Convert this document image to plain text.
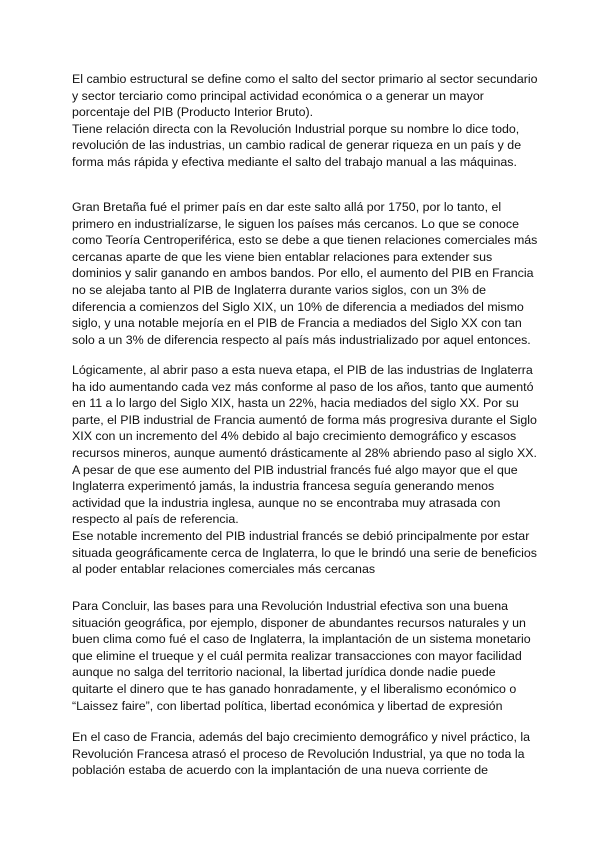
El cambio estructural se define como el salto del sector primario al sector secundario
y sector terciario como principal actividad económica o a generar un mayor
porcentaje del PIB (Producto Interior Bruto).
Tiene relación directa con la Revolución Industrial porque su nombre lo dice todo,
revolución de las industrias, un cambio radical de generar riqueza en un país y de
forma más rápida y efectiva mediante el salto del trabajo manual a las máquinas.

Gran Bretaña fué el primer país en dar este salto allá por 1750, por lo tanto, el
primero en industrialízarse, le siguen los países más cercanos. Lo que se conoce
como Teoría Centroperiférica, esto se debe a que tienen relaciones comerciales más
cercanas aparte de que les viene bien entablar relaciones para extender sus
dominios y salir ganando en ambos bandos. Por ello, el aumento del PIB en Francia
no se alejaba tanto al PIB de Inglaterra durante varios siglos, con un 3% de
diferencia a comienzos del Siglo XIX, un 10% de diferencia a mediados del mismo
siglo, y una notable mejoría en el PIB de Francia a mediados del Siglo XX con tan
solo a un 3% de diferencia respecto al país más industrializado por aquel entonces.

Lógicamente, al abrir paso a esta nueva etapa, el PIB de las industrias de Inglaterra
ha ido aumentando cada vez más conforme al paso de los años, tanto que aumentó
en 11 a lo largo del Siglo XIX, hasta un 22%, hacia mediados del siglo XX. Por su
parte, el PIB industrial de Francia aumentó de forma más progresiva durante el Siglo
XIX con un incremento del 4% debido al bajo crecimiento demográfico y escasos
recursos mineros, aunque aumentó drásticamente al 28% abriendo paso al siglo XX.
A pesar de que ese aumento del PIB industrial francés fué algo mayor que el que
Inglaterra experimentó jamás, la industria francesa seguía generando menos
actividad que la industria inglesa, aunque no se encontraba muy atrasada con
respecto al país de referencia.
Ese notable incremento del PIB industrial francés se debió principalmente por estar
situada geográficamente cerca de Inglaterra, lo que le brindó una serie de beneficios
al poder entablar relaciones comerciales más cercanas

Para Concluir, las bases para una Revolución Industrial efectiva son una buena
situación geográfica, por ejemplo, disponer de abundantes recursos naturales y un
buen clima como fué el caso de Inglaterra, la implantación de un sistema monetario
que elimine el trueque y el cuál permita realizar transacciones con mayor facilidad
aunque no salga del territorio nacional, la libertad jurídica donde nadie puede
quitarte el dinero que te has ganado honradamente, y el liberalismo económico o
“Laissez faire”, con libertad política, libertad económica y libertad de expresión

En el caso de Francia, además del bajo crecimiento demográfico y nivel práctico, la
Revolución Francesa atrasó el proceso de Revolución Industrial, ya que no toda la
población estaba de acuerdo con la implantación de una nueva corriente de
